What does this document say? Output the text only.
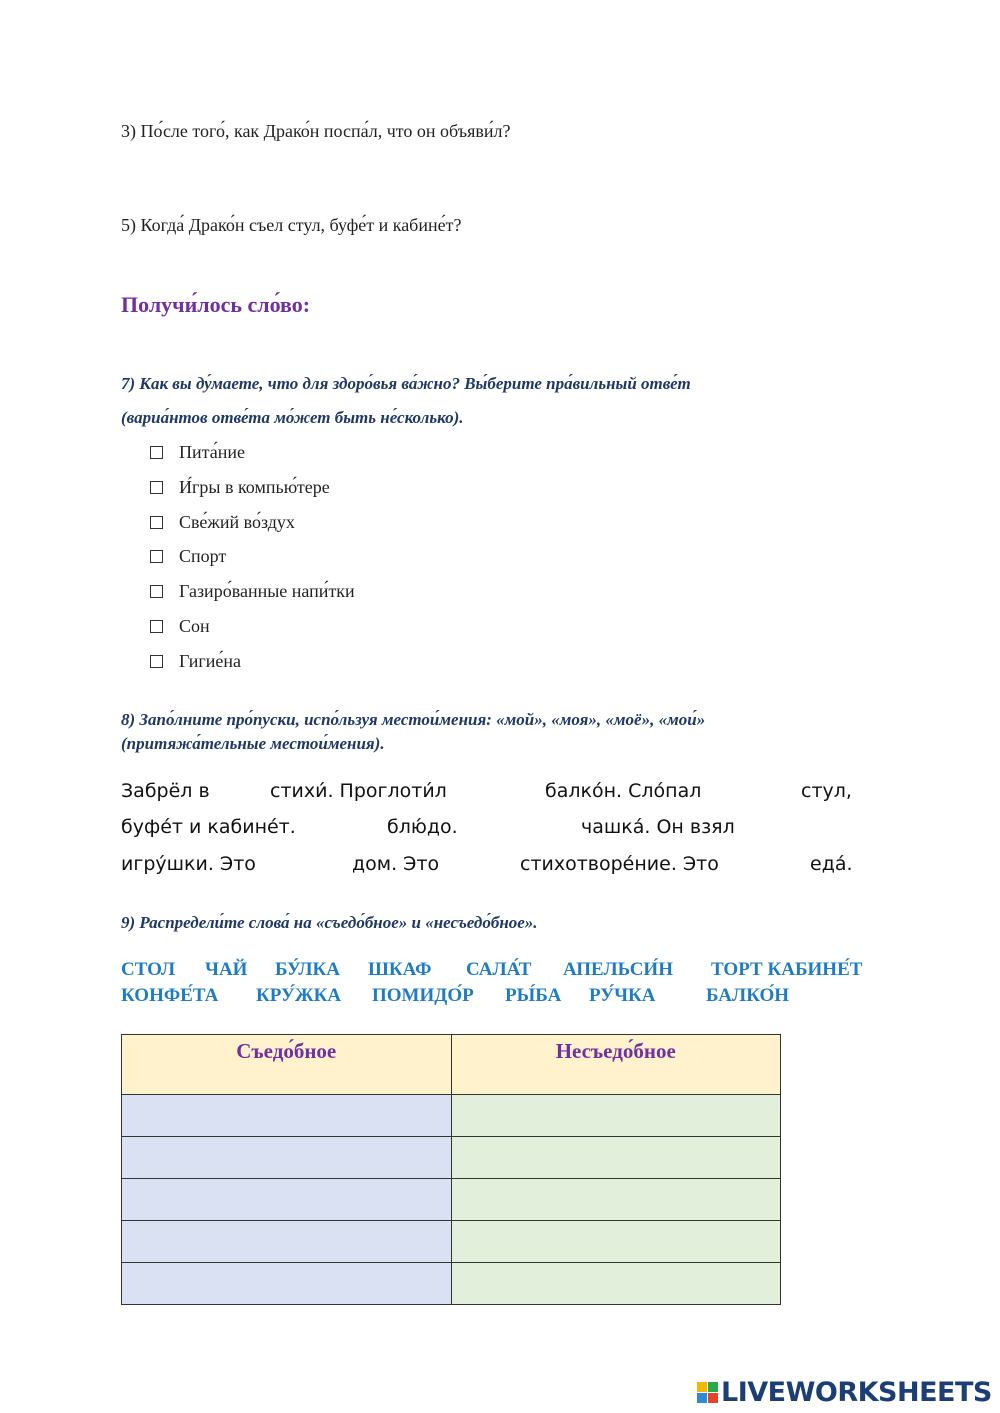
3) По́сле того́, как Драко́н поспа́л, что он объяви́л?
5) Когда́ Драко́н съел стул, буфе́т и кабине́т?
Получи́лось сло́во:
7) Как вы ду́маете, что для здоро́вья ва́жно? Вы́берите пра́вильный отве́т
(вариа́нтов отве́та мо́жет быть не́сколько).
Пита́ние
И́гры в компью́тере
Све́жий во́здух
Спорт
Газиро́ванные напи́тки
Сон
Гигие́на
8) Запо́лните про́пуски, испо́льзуя местои́мения: «мой», «моя», «моё», «мои́»
(притяжа́тельные местои́мения).
Забрёл в	стихи́. Проглоти́л	балко́н. Сло́пал	стул,
буфе́т и кабине́т.	блю́до.	чашка́. Он взял
игру́шки. Это	дом. Это	стихотворе́ние. Это	еда́.
9) Распредели́те слова́ на «съедо́бное» и «несъедо́бное».
СТОЛ ЧАЙ БУ́ЛКА ШКАФ САЛА́Т АПЕЛЬСИ́Н ТОРТ КАБИНЕ́Т
КОНФЕ́ТА КРУ́ЖКА ПОМИДО́Р РЫ́БА РУ́ЧКА	БАЛКО́Н
Съедо́бное	Несъедо́бное

LIVEWORKSHEETS
